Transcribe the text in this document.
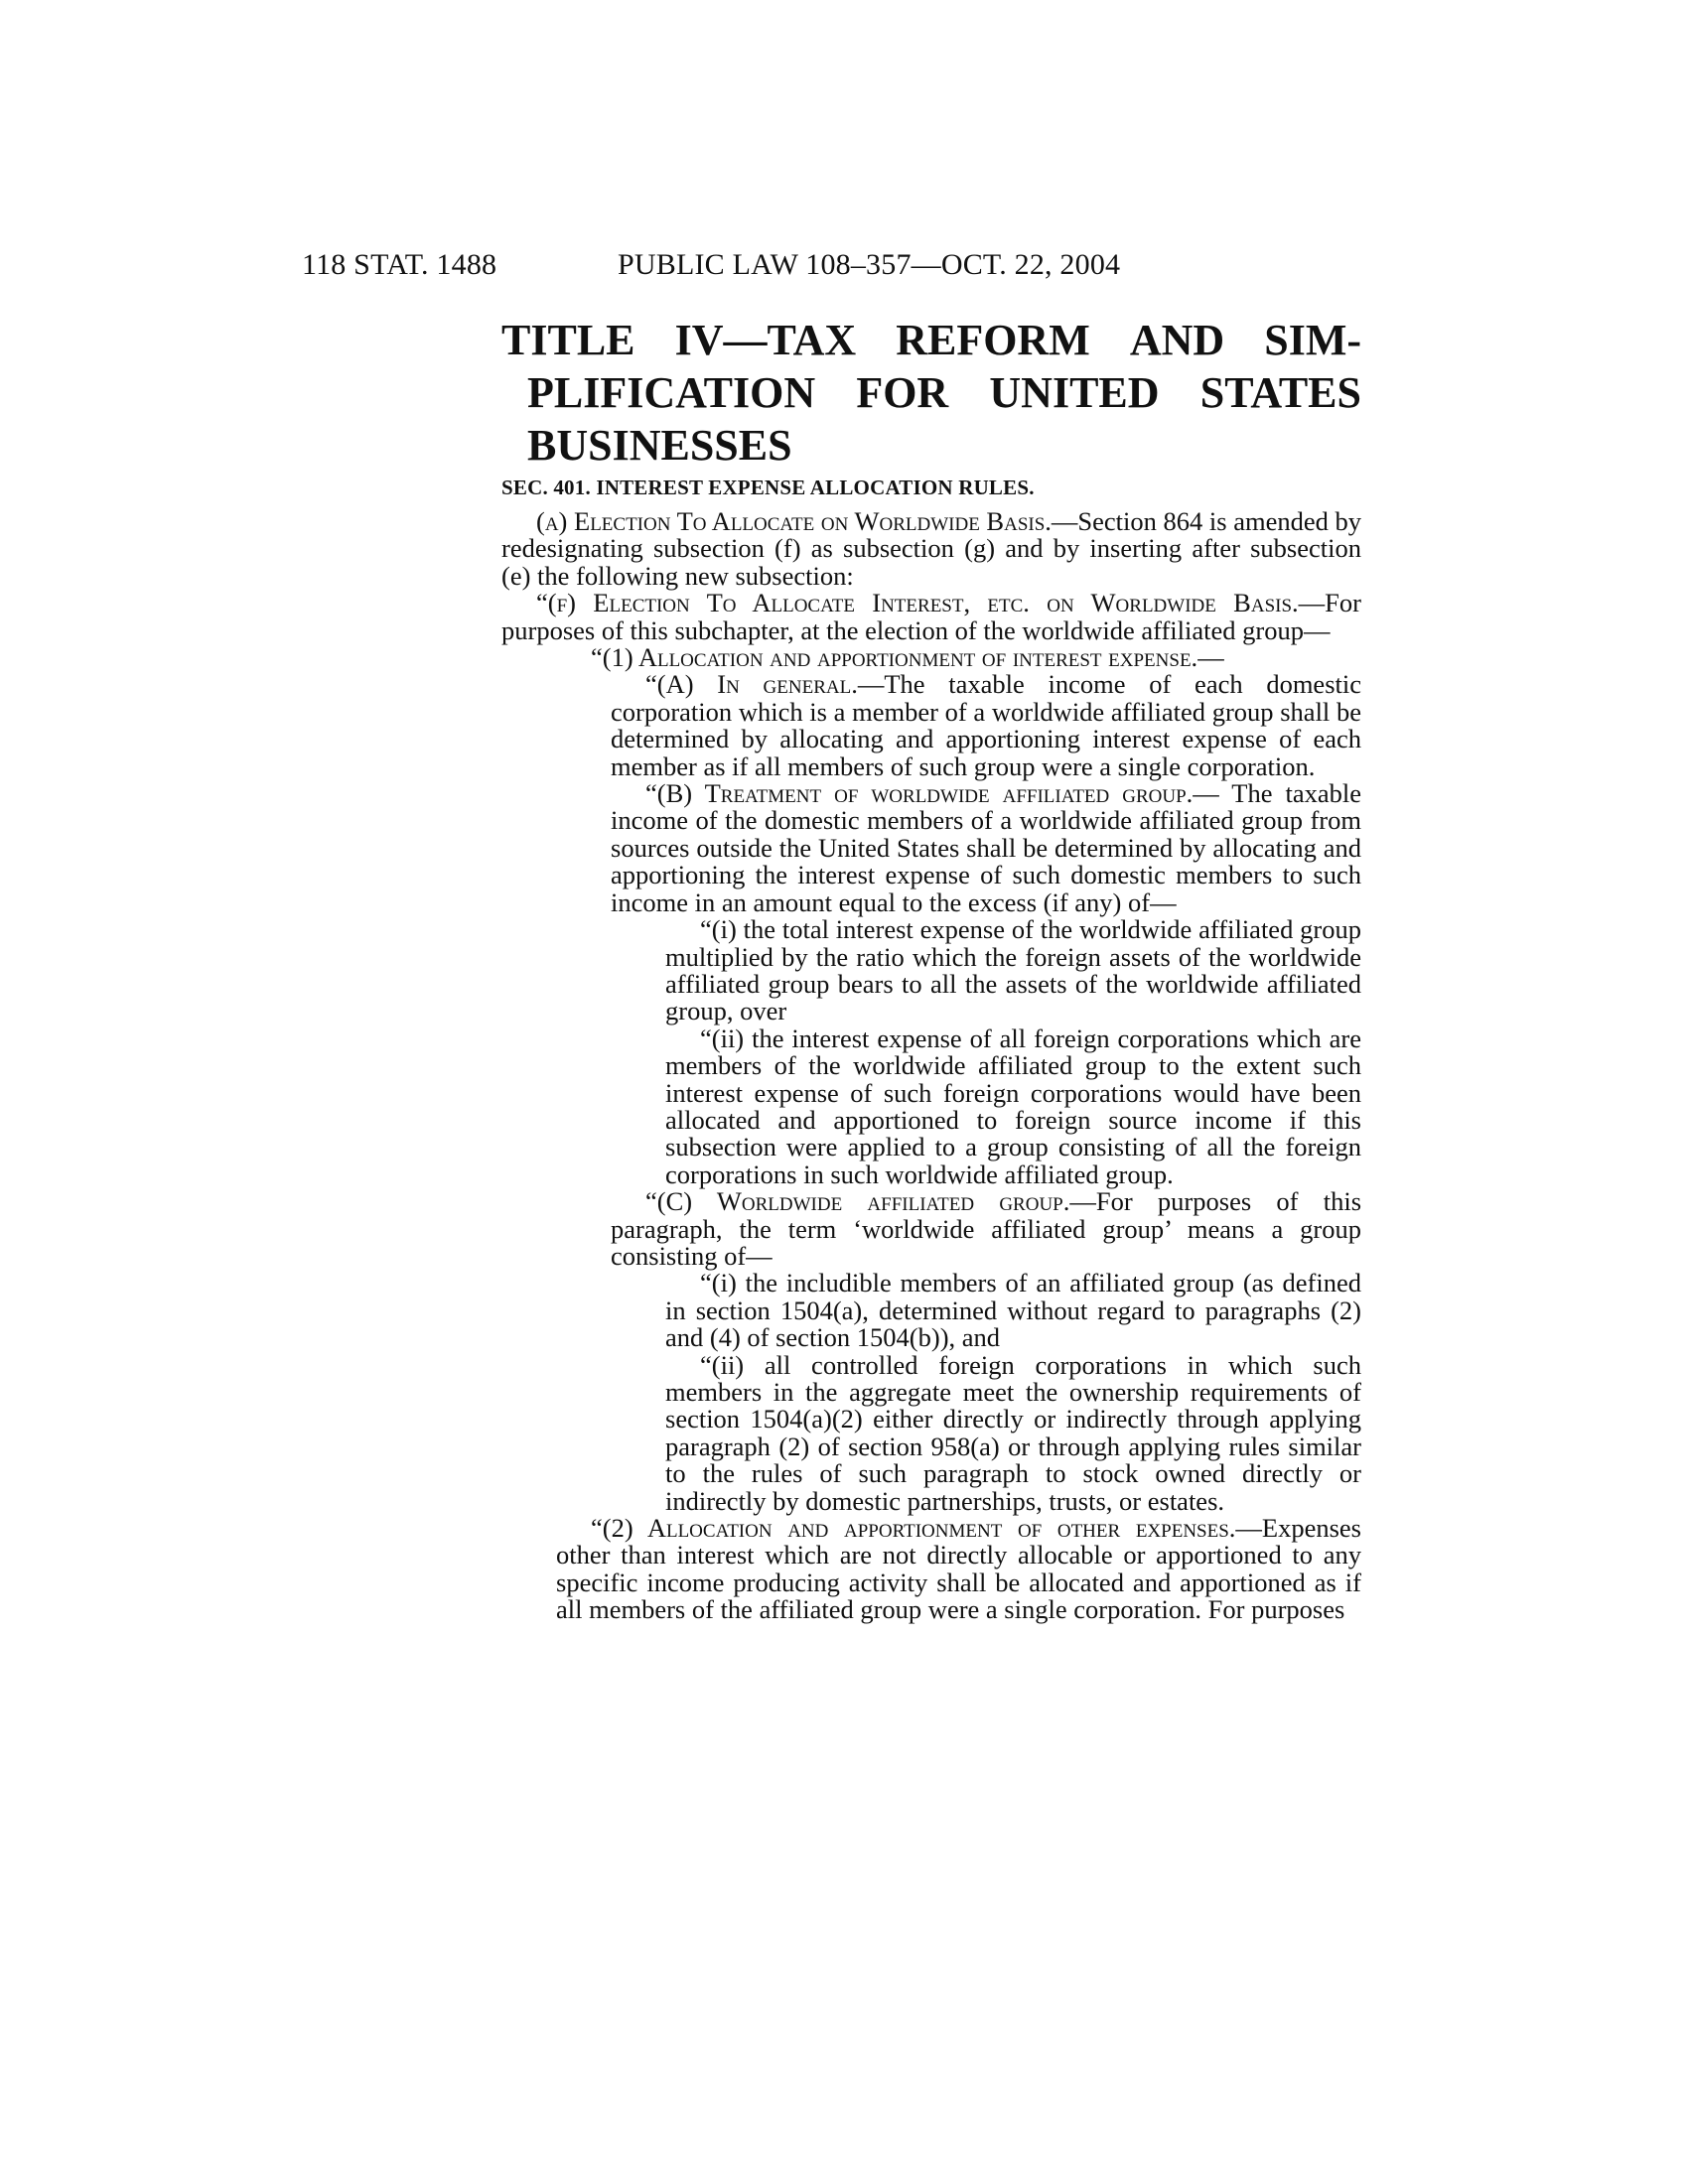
118 STAT. 1488	PUBLIC LAW 108–357—OCT. 22, 2004
TITLE IV—TAX REFORM AND SIM-
PLIFICATION FOR UNITED STATES
BUSINESSES
SEC. 401. INTEREST EXPENSE ALLOCATION RULES.

(a) Election To Allocate on Worldwide Basis.—Section 864 is amended by redesignating subsection (f) as subsection (g) and by inserting after subsection (e) the following new subsection:

“(f) Election To Allocate Interest, etc. on Worldwide Basis.—For purposes of this subchapter, at the election of the worldwide affiliated group—

“(1) Allocation and apportionment of interest expense.—

“(A) In general.—The taxable income of each domestic corporation which is a member of a worldwide affiliated group shall be determined by allocating and apportioning interest expense of each member as if all members of such group were a single corporation.

“(B) Treatment of worldwide affiliated group.— The taxable income of the domestic members of a worldwide affiliated group from sources outside the United States shall be determined by allocating and apportioning the interest expense of such domestic members to such income in an amount equal to the excess (if any) of—

“(i) the total interest expense of the worldwide affiliated group multiplied by the ratio which the foreign assets of the worldwide affiliated group bears to all the assets of the worldwide affiliated group, over

“(ii) the interest expense of all foreign corporations which are members of the worldwide affiliated group to the extent such interest expense of such foreign corporations would have been allocated and apportioned to foreign source income if this subsection were applied to a group consisting of all the foreign corporations in such worldwide affiliated group.

“(C) Worldwide affiliated group.—For purposes of this paragraph, the term ‘worldwide affiliated group’ means a group consisting of—

“(i) the includible members of an affiliated group (as defined in section 1504(a), determined without regard to paragraphs (2) and (4) of section 1504(b)), and

“(ii) all controlled foreign corporations in which such members in the aggregate meet the ownership requirements of section 1504(a)(2) either directly or indirectly through applying paragraph (2) of section 958(a) or through applying rules similar to the rules of such paragraph to stock owned directly or indirectly by domestic partnerships, trusts, or estates.

“(2) Allocation and apportionment of other expenses.—Expenses other than interest which are not directly allocable or apportioned to any specific income producing activity shall be allocated and apportioned as if all members of the affiliated group were a single corporation. For purposes
